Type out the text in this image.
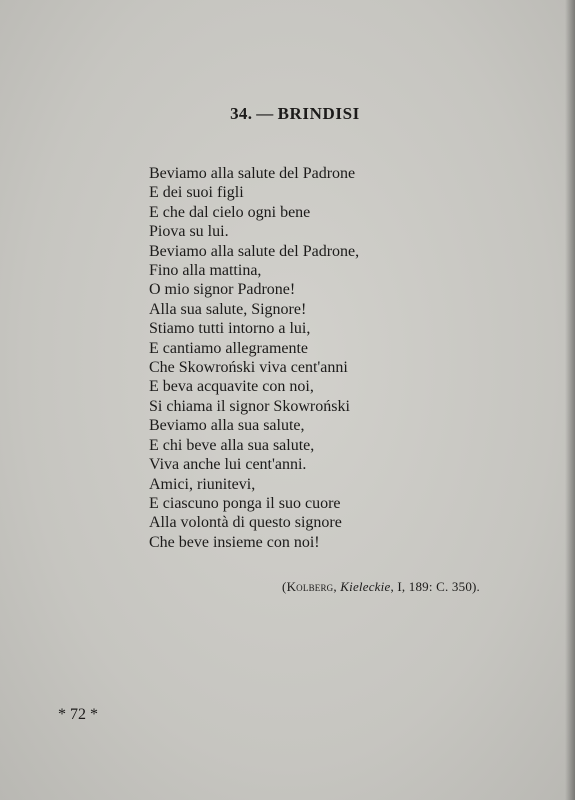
34. — BRINDISI
Beviamo alla salute del Padrone
E dei suoi figli
E che dal cielo ogni bene
Piova su lui.
Beviamo alla salute del Padrone,
Fino alla mattina,
O mio signor Padrone!
Alla sua salute, Signore!
Stiamo tutti intorno a lui,
E cantiamo allegramente
Che Skowroński viva cent'anni
E beva acquavite con noi,
Si chiama il signor Skowroński
Beviamo alla sua salute,
E chi beve alla sua salute,
Viva anche lui cent'anni.
Amici, riunitevi,
E ciascuno ponga il suo cuore
Alla volontà di questo signore
Che beve insieme con noi!
(Kolberg, Kieleckie, I, 189: C. 350).
* 72 *
